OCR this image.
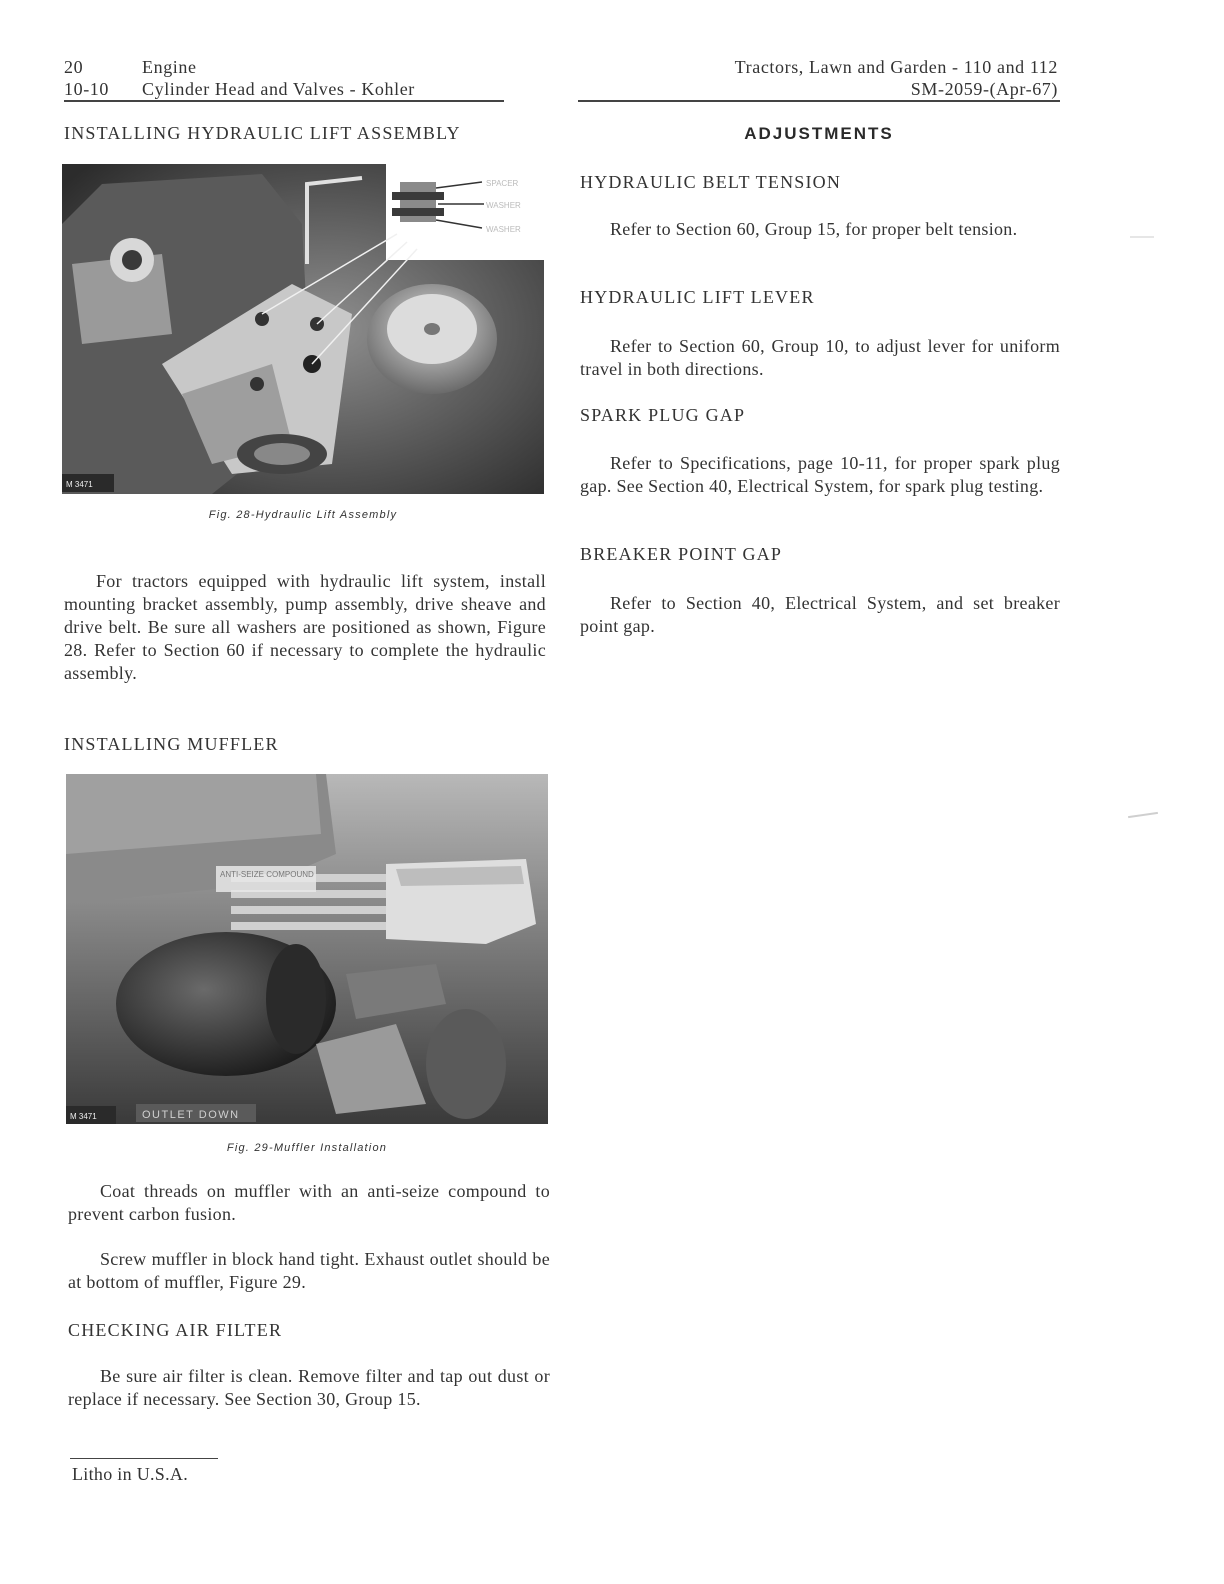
20	Engine
10-10 Cylinder Head and Valves - Kohler
Tractors, Lawn and Garden - 110 and 112
SM-2059-(Apr-67)
INSTALLING HYDRAULIC LIFT ASSEMBLY
SPACER
WASHER
WASHER
M 3471
Fig. 28-Hydraulic Lift Assembly
For tractors equipped with hydraulic lift system, install mounting bracket assembly, pump assembly, drive sheave and drive belt. Be sure all washers are positioned as shown, Figure 28. Refer to Section 60 if necessary to complete the hydraulic assembly.
INSTALLING MUFFLER
ANTI-SEIZE COMPOUND
M 3471	OUTLET DOWN
Fig. 29-Muffler Installation
Coat threads on muffler with an anti-seize compound to prevent carbon fusion.
Screw muffler in block hand tight. Exhaust outlet should be at bottom of muffler, Figure 29.
CHECKING AIR FILTER
Be sure air filter is clean. Remove filter and tap out dust or replace if necessary. See Section 30, Group 15.
Litho in U.S.A.
ADJUSTMENTS
HYDRAULIC BELT TENSION
Refer to Section 60, Group 15, for proper belt tension.
HYDRAULIC LIFT LEVER
Refer to Section 60, Group 10, to adjust lever for uniform travel in both directions.
SPARK PLUG GAP
Refer to Specifications, page 10-11, for proper spark plug gap. See Section 40, Electrical System, for spark plug testing.
BREAKER POINT GAP
Refer to Section 40, Electrical System, and set breaker point gap.
